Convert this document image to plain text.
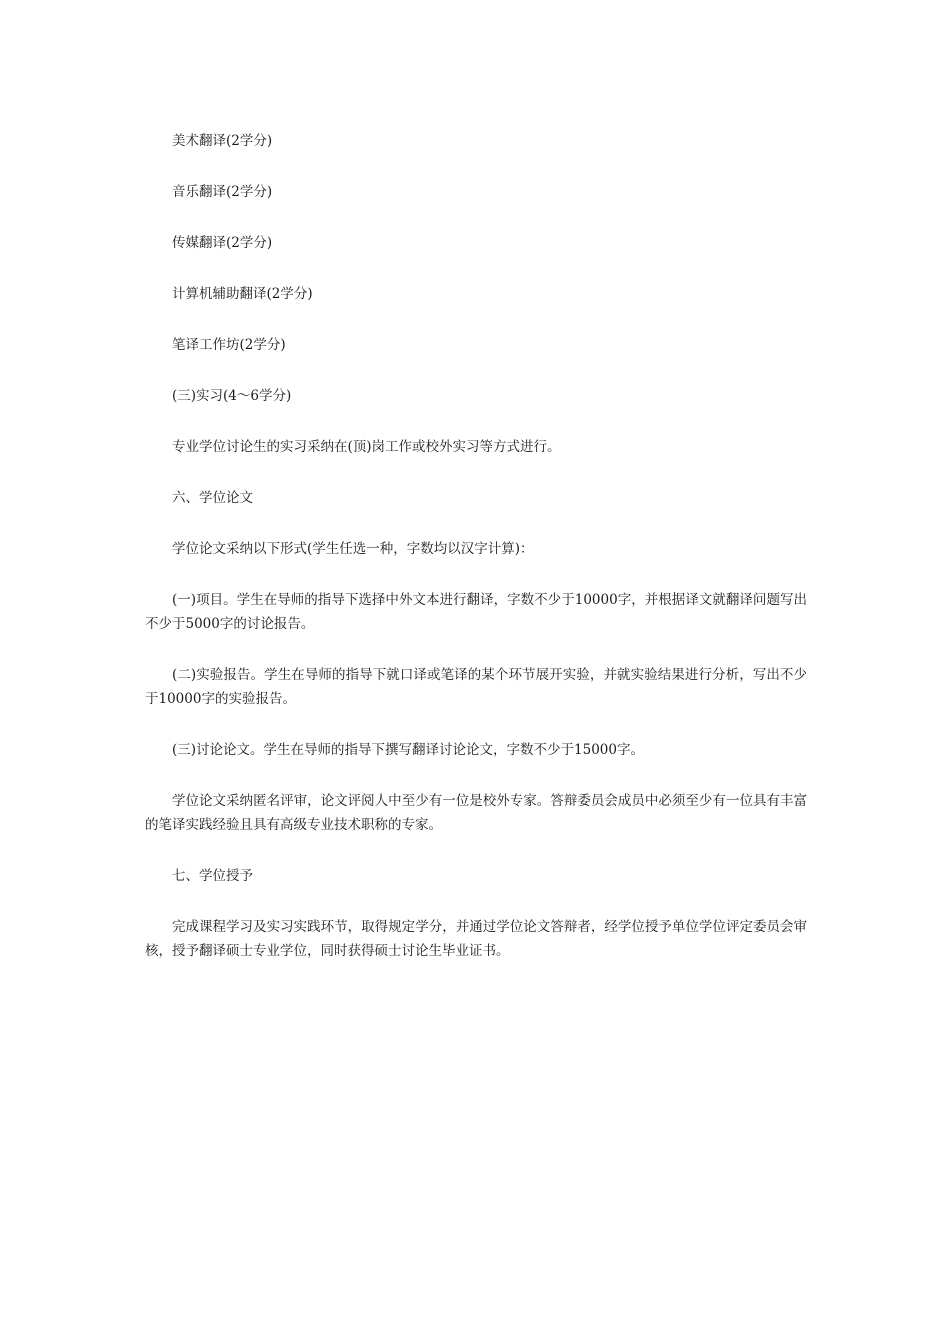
美术翻译(2学分)

音乐翻译(2学分)

传媒翻译(2学分)

计算机辅助翻译(2学分)

笔译工作坊(2学分)

(三)实习(4～6学分)

专业学位讨论生的实习采纳在(顶)岗工作或校外实习等方式进行。

六、学位论文

学位论文采纳以下形式(学生任选一种，字数均以汉字计算)：

(一)项目。学生在导师的指导下选择中外文本进行翻译，字数不少于10000字，并根据译文就翻译问题写出不少于5000字的讨论报告。

(二)实验报告。学生在导师的指导下就口译或笔译的某个环节展开实验，并就实验结果进行分析，写出不少于10000字的实验报告。

(三)讨论论文。学生在导师的指导下撰写翻译讨论论文，字数不少于15000字。

学位论文采纳匿名评审，论文评阅人中至少有一位是校外专家。答辩委员会成员中必须至少有一位具有丰富的笔译实践经验且具有高级专业技术职称的专家。

七、学位授予

完成课程学习及实习实践环节，取得规定学分，并通过学位论文答辩者，经学位授予单位学位评定委员会审核，授予翻译硕士专业学位，同时获得硕士讨论生毕业证书。
